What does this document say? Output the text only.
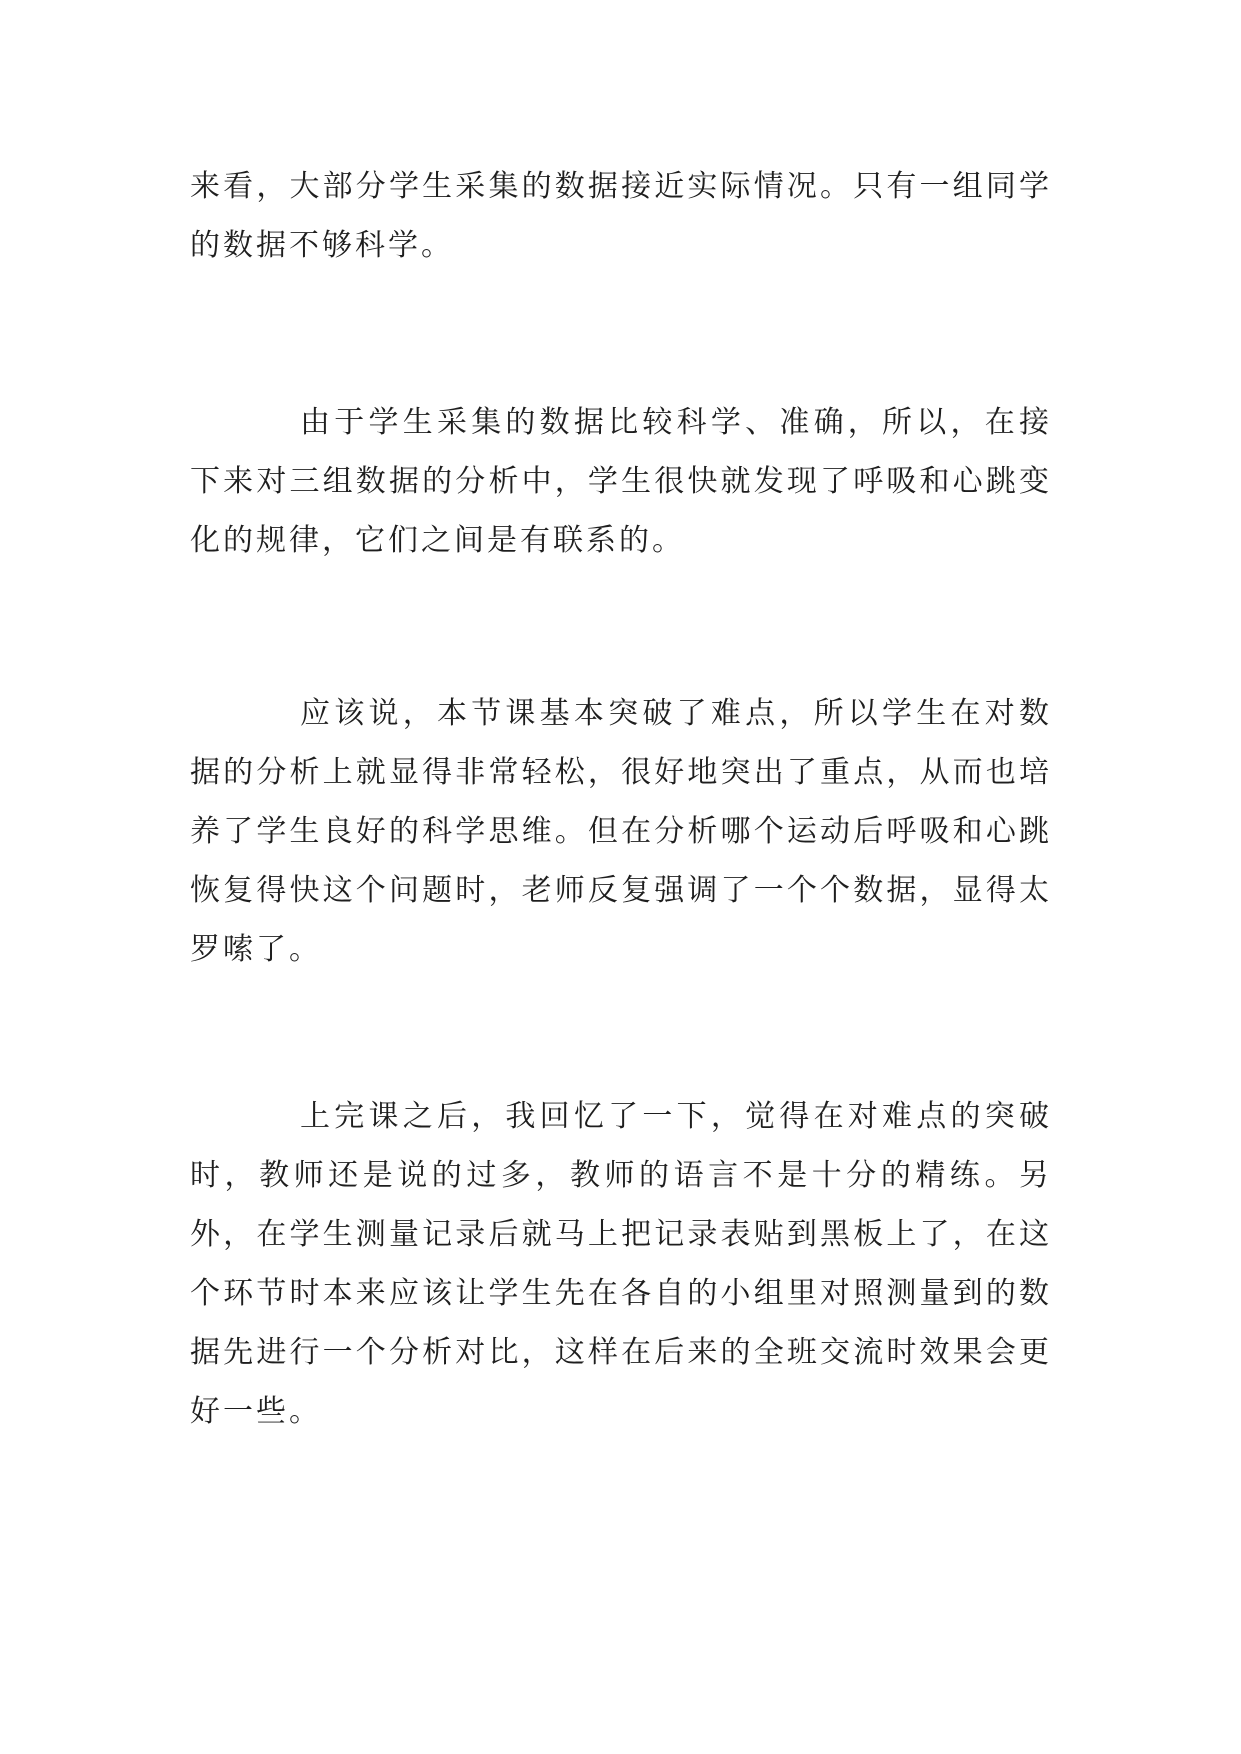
来看，大部分学生采集的数据接近实际情况。只有一组同学的数据不够科学。

由于学生采集的数据比较科学、准确，所以，在接下来对三组数据的分析中，学生很快就发现了呼吸和心跳变化的规律，它们之间是有联系的。

应该说，本节课基本突破了难点，所以学生在对数据的分析上就显得非常轻松，很好地突出了重点，从而也培养了学生良好的科学思维。但在分析哪个运动后呼吸和心跳恢复得快这个问题时，老师反复强调了一个个数据，显得太罗嗦了。

上完课之后，我回忆了一下，觉得在对难点的突破时，教师还是说的过多，教师的语言不是十分的精练。另外，在学生测量记录后就马上把记录表贴到黑板上了，在这个环节时本来应该让学生先在各自的小组里对照测量到的数据先进行一个分析对比，这样在后来的全班交流时效果会更好一些。
